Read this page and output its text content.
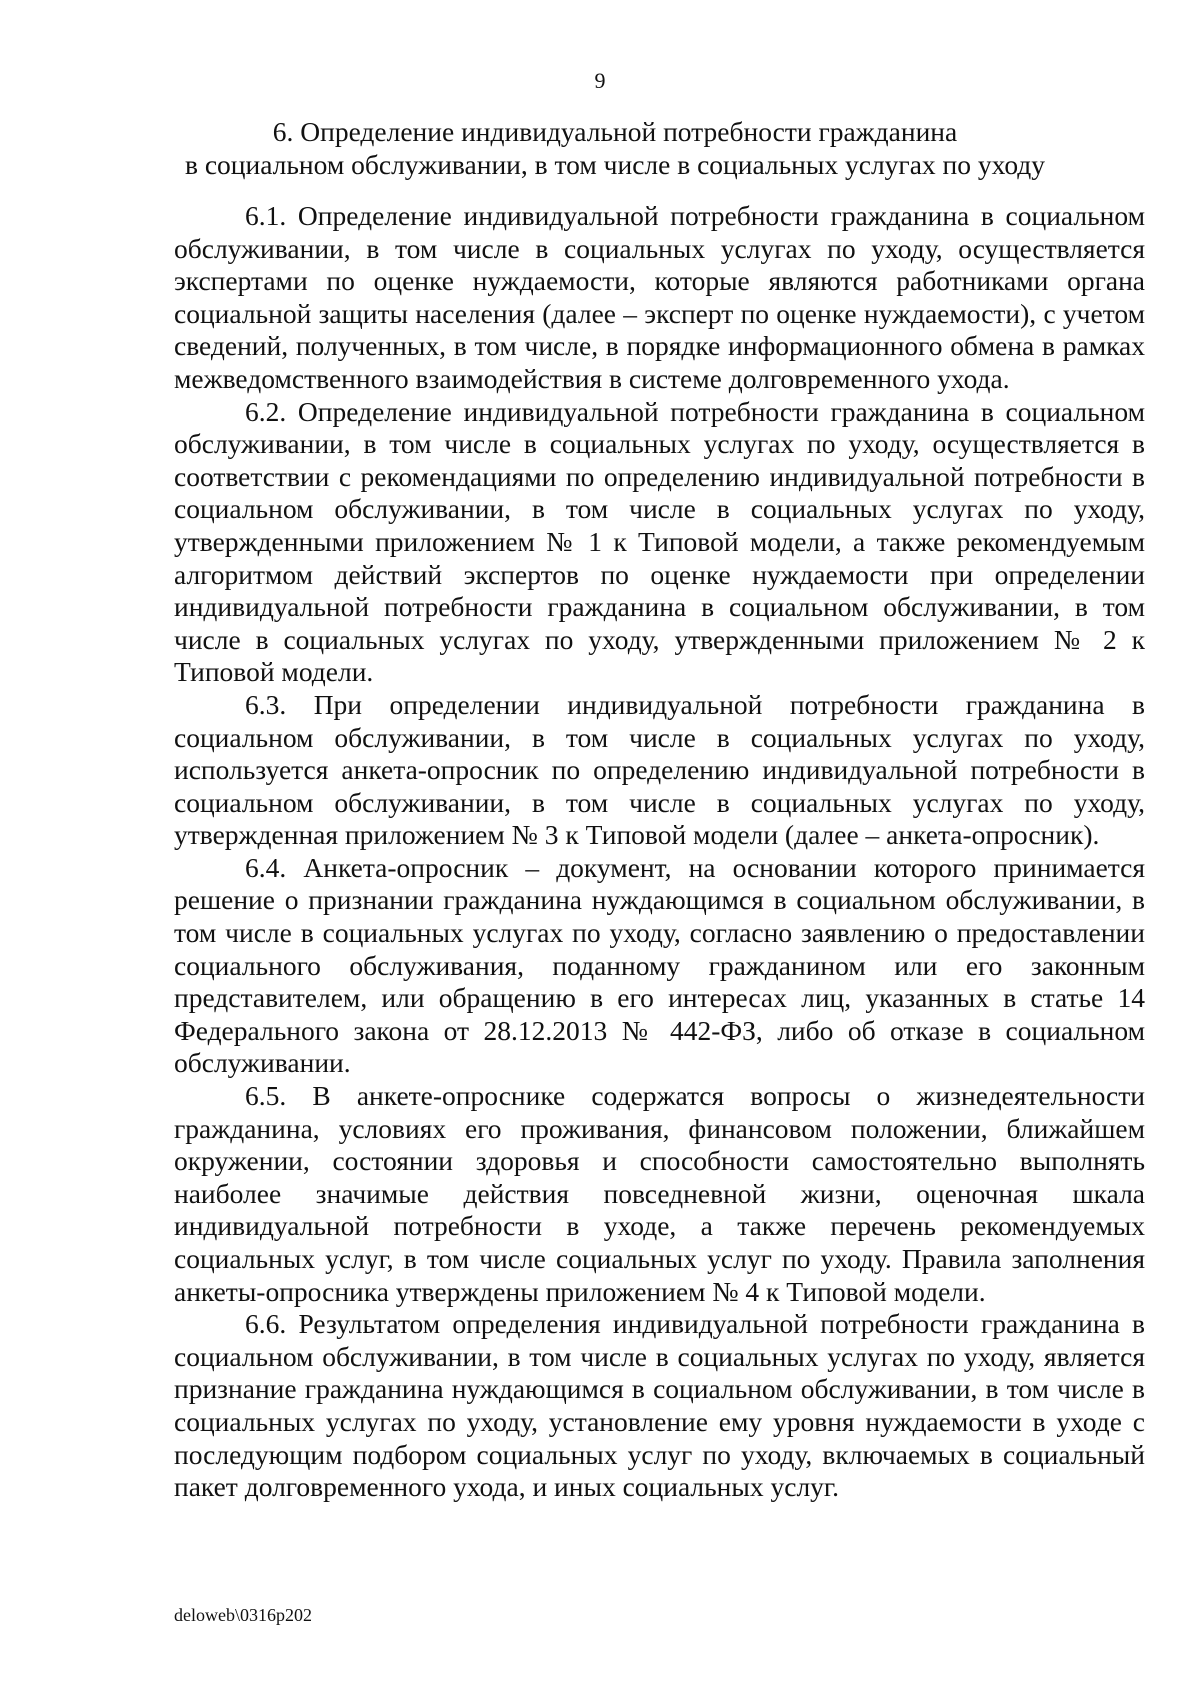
9
6. Определение индивидуальной потребности гражданина
в социальном обслуживании, в том числе в социальных услугах по уходу

6.1. Определение индивидуальной потребности гражданина в социальном обслуживании, в том числе в социальных услугах по уходу, осуществляется экспертами по оценке нуждаемости, которые являются работниками органа социальной защиты населения (далее – эксперт по оценке нуждаемости), с учетом сведений, полученных, в том числе, в порядке информационного обмена в рамках межведомственного взаимодействия в системе долговременного ухода.

6.2. Определение индивидуальной потребности гражданина в социальном обслуживании, в том числе в социальных услугах по уходу, осуществляется в соответствии с рекомендациями по определению индивидуальной потребности в социальном обслуживании, в том числе в социальных услугах по уходу, утвержденными приложением № 1 к Типовой модели, а также рекомендуемым алгоритмом действий экспертов по оценке нуждаемости при определении индивидуальной потребности гражданина в социальном обслуживании, в том числе в социальных услугах по уходу, утвержденными приложением № 2 к Типовой модели.

6.3. При определении индивидуальной потребности гражданина в социальном обслуживании, в том числе в социальных услугах по уходу, используется анкета-опросник по определению индивидуальной потребности в социальном обслуживании, в том числе в социальных услугах по уходу, утвержденная приложением № 3 к Типовой модели (далее – анкета-опросник).

6.4. Анкета-опросник – документ, на основании которого принимается решение о признании гражданина нуждающимся в социальном обслуживании, в том числе в социальных услугах по уходу, согласно заявлению о предоставлении социального обслуживания, поданному гражданином или его законным представителем, или обращению в его интересах лиц, указанных в статье 14 Федерального закона от 28.12.2013 № 442-ФЗ, либо об отказе в социальном обслуживании.

6.5. В анкете-опроснике содержатся вопросы о жизнедеятельности гражданина, условиях его проживания, финансовом положении, ближайшем окружении, состоянии здоровья и способности самостоятельно выполнять наиболее значимые действия повседневной жизни, оценочная шкала индивидуальной потребности в уходе, а также перечень рекомендуемых социальных услуг, в том числе социальных услуг по уходу. Правила заполнения анкеты-опросника утверждены приложением № 4 к Типовой модели.

6.6. Результатом определения индивидуальной потребности гражданина в социальном обслуживании, в том числе в социальных услугах по уходу, является признание гражданина нуждающимся в социальном обслуживании, в том числе в социальных услугах по уходу, установление ему уровня нуждаемости в уходе с последующим подбором социальных услуг по уходу, включаемых в социальный пакет долговременного ухода, и иных социальных услуг.

deloweb\0316p202
